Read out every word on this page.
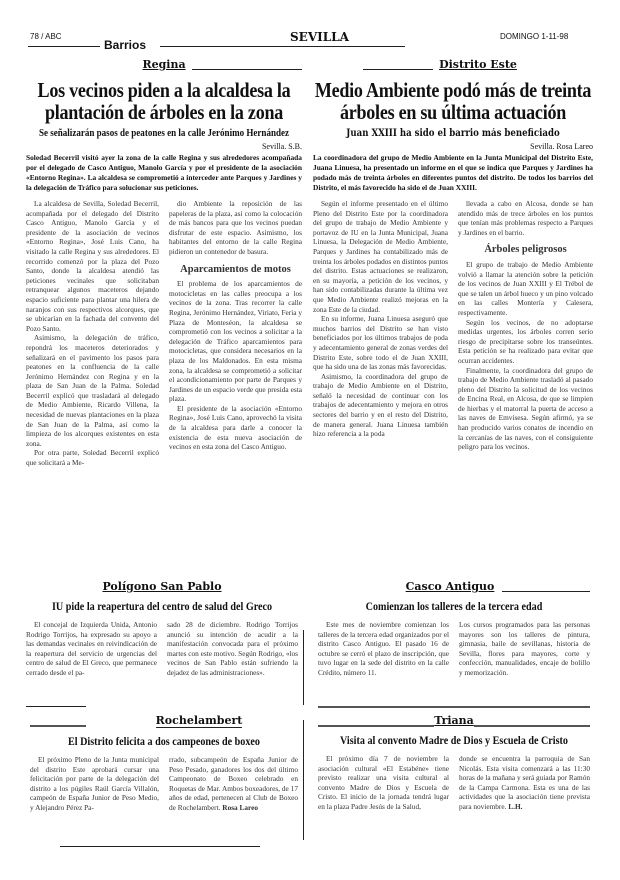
78 / ABC
Barrios
SEVILLA	DOMINGO 1-11-98
Regina
Los vecinos piden a la alcaldesa la plantación de árboles en la zona
Se señalizarán pasos de peatones en la calle Jerónimo Hernández
Sevilla. S.B.
Soledad Becerril visitó ayer la zona de la calle Regina y sus alrededores acompañada por el delegado de Casco Antiguo, Manolo García y por el presidente de la asociación «Entorno Regina». La alcaldesa se comprometió a interceder ante Parques y Jardines y la delegación de Tráfico para solucionar sus peticiones.

La alcaldesa de Sevilla, Soledad Becerril, acompañada por el delegado del Distrito Casco Antiguo, Manolo García y el presidente de la asociación de vecinos «Entorno Regina», José Luis Cano, ha visitado la calle Regina y sus alrededores. El recorrido comenzó por la plaza del Pozo Santo, donde la alcaldesa atendió las peticiones vecinales que solicitaban retranquear algunos maceteros dejando espacio suficiente para plantar una hilera de naranjos con sus respectivos alcorques, que se ubicarían en la fachada del convento del Pozo Santo.

Asimismo, la delegación de tráfico, repondrá los maceteros deteriorados y señalizará en el pavimento los pasos para peatones en la confluencia de la calle Jerónimo Hernández con Regina y en la plaza de San Juan de la Palma. Soledad Becerril explicó que trasladará al delegado de Medio Ambiente, Ricardo Villena, la necesidad de nuevas plantaciones en la plaza de San Juan de la Palma, así como la limpieza de los alcorques existentes en esta zona.

Por otra parte, Soledad Becerril explicó que solicitará a Me-

dio Ambiente la reposición de las papeleras de la plaza, así como la colocación de más bancos para que los vecinos puedan disfrutar de este espacio. Asimismo, los habitantes del entorno de la calle Regina pidieron un contenedor de basura.

Aparcamientos de motos

El problema de los aparcamientos de motocicletas en las calles preocupa a los vecinos de la zona. Tras recorrer la calle Regina, Jerónimo Hernández, Viriato, Feria y Plaza de Monteséon, la alcaldesa se comprometió con los vecinos a solicitar a la delegación de Tráfico aparcamientos para motocicletas, que considera necesarios en la plaza de los Maldonados. En esta misma zona, la alcaldesa se comprometió a solicitar el acondicionamiento por parte de Parques y Jardines de un espacio verde que presida esta plaza.

El presidente de la asociación «Entorno Regina», José Luis Cano, aprovechó la visita de la alcaldesa para darle a conocer la existencia de esta nueva asociación de vecinos en esta zona del Casco Antiguo.

Distrito Este
Medio Ambiente podó más de treinta árboles en su última actuación
Juan XXIII ha sido el barrio más beneficiado
Sevilla. Rosa Lareo
La coordinadora del grupo de Medio Ambiente en la Junta Municipal del Distrito Este, Juana Linuesa, ha presentado un informe en el que se indica que Parques y Jardines ha podado más de treinta árboles en diferentes puntos del distrito. De todos los barrios del Distrito, el más favorecido ha sido el de Juan XXIII.

Según el informe presentado en el último Pleno del Distrito Este por la coordinadora del grupo de trabajo de Medio Ambiente y portavoz de IU en la Junta Municipal, Juana Linuesa, la Delegación de Medio Ambiente, Parques y Jardines ha contabilizado más de treinta los árboles podados en distintos puntos del distrito. Estas actuaciones se realizaron, en su mayoría, a petición de los vecinos, y han sido contabilizadas durante la última vez que Medio Ambiente realizó mejoras en la zona Este de la ciudad.

En su informe, Juana Linuesa aseguró que muchos barrios del Distrito se han visto beneficiados por los últimos trabajos de poda y adecentamiento general de zonas verdes del Distrito Este, sobre todo el de Juan XXIII, que ha sido una de las zonas más favorecidas.

Asimismo, la coordinadora del grupo de trabajo de Medio Ambiente en el Distrito, señaló la necesidad de continuar con los trabajos de adecentamiento y mejora en otros sectores del barrio y en el resto del Distrito, de manera general. Juana Linuesa también hizo referencia a la poda

llevada a cabo en Alcosa, donde se han atendido más de trece árboles en los puntos que tenían más problemas respecto a Parques y Jardines en el barrio.

Árboles peligrosos

El grupo de trabajo de Medio Ambiente volvió a llamar la atención sobre la petición de los vecinos de Juan XXIII y El Trébol de que se talen un árbol hueco y un pino volcado en las calles Montería y Calesera, respectivamente.

Según los vecinos, de no adoptarse medidas urgentes, los árboles corren serio riesgo de precipitarse sobre los transeúntes. Esta petición se ha realizado para evitar que ocurran accidentes.

Finalmente, la coordinadora del grupo de trabajo de Medio Ambiente trasladó al pasado pleno del Distrito la solicitud de los vecinos de Encina Real, en Alcosa, de que se limpien de hierbas y el matorral la puerta de acceso a las naves de Emvisesa. Según afirmó, ya se han producido varios conatos de incendio en la cercanías de las naves, con el consiguiente peligro para los vecinos.

Polígono San Pablo
IU pide la reapertura del centro de salud del Greco
El concejal de Izquierda Unida, Antonio Rodrigo Torrijos, ha expresado su apoyo a las demandas vecinales en reivindicación de la reapertura del servicio de urgencias del centro de salud de El Greco, que permanece cerrado desde el pa-
sado 28 de diciembre. Rodrigo Torrijos anunció su intención de acudir a la manifestación convocada para el próximo martes con este motivo. Según Rodrigo, «los vecinos de San Pablo están sufriendo la dejadez de las administraciones».
Casco Antiguo
Comienzan los talleres de la tercera edad
Este mes de noviembre comienzan los talleres de la tercera edad organizados por el distrito Casco Antiguo. El pasado 16 de octubre se cerró el plazo de inscripción, que tuvo lugar en la sede del distrito en la calle Crédito, número 11.
Los cursos programados para las personas mayores son los talleres de pintura, gimnasia, baile de sevillanas, historia de Sevilla, flores para mayores, corte y confección, manualidades, encaje de bolillo y memorización.
Rochelambert
El Distrito felicita a dos campeones de boxeo
El próximo Pleno de la Junta municipal del distrito Este aprobará cursar una felicitación por parte de la delegación del distrito a los púgiles Raúl García Villalón, campeón de España Junior de Peso Medio, y Alejandro Pérez Pa-
rrado, subcampeón de España Junior de Peso Pesado, ganadores los dos del último Campeonato de Boxeo celebrado en Roquetas de Mar. Ambos boxeadores, de 17 años de edad, pertenecen al Club de Boxeo de Rochelambert. Rosa Lareo
Triana
Visita al convento Madre de Dios y Escuela de Cristo
El próximo día 7 de noviembre la asociación cultural «El Estabéne» tiene previsto realizar una visita cultural al convento Madre de Dios y Escuela de Cristo. El inicio de la jornada tendrá lugar en la plaza Padre Jesús de la Salud,
donde se encuentra la parroquia de San Nicolás. Esta visita comenzará a las 11:30 horas de la mañana y será guiada por Ramón de la Campa Carmona. Esta es una de las actividades que la asociación tiene prevista para noviembre. L.H.
